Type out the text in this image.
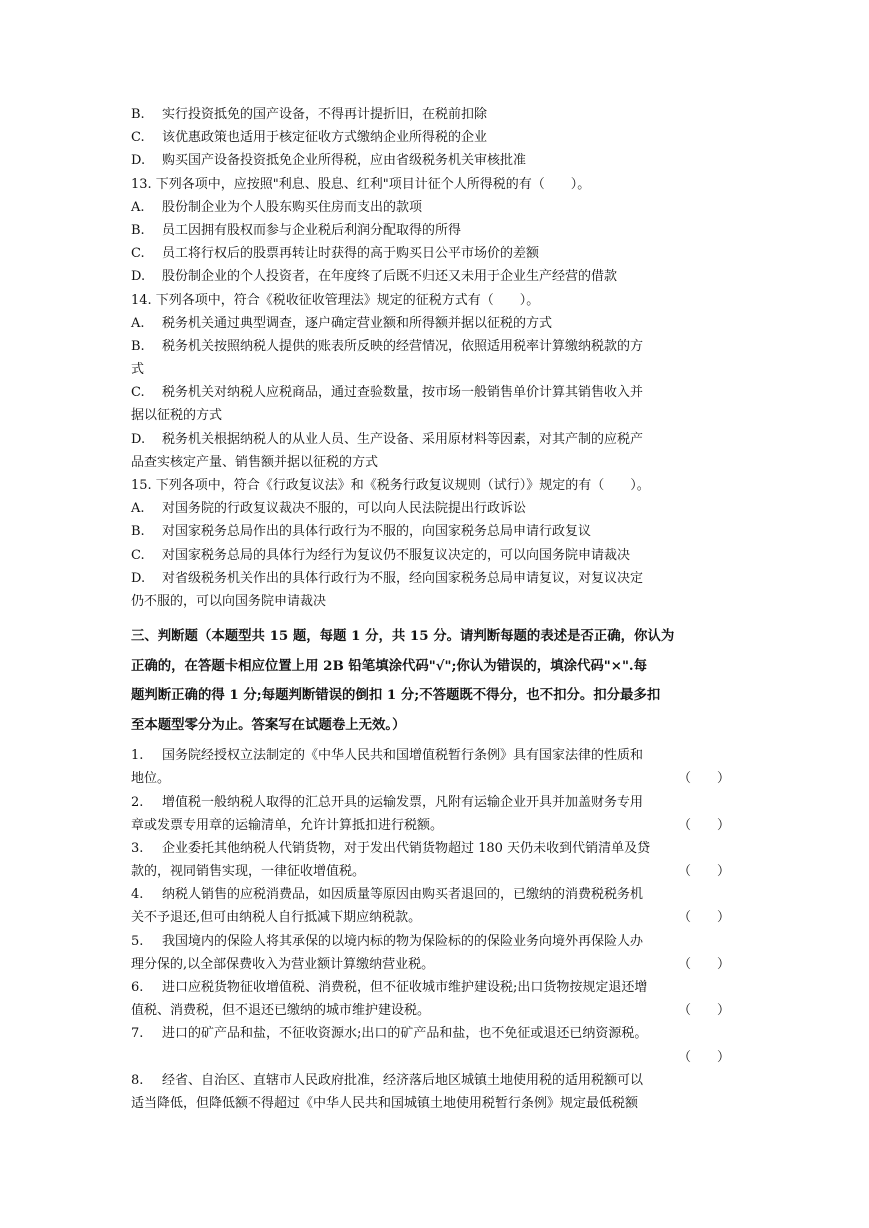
B. 实行投资抵免的国产设备，不得再计提折旧，在税前扣除
C. 该优惠政策也适用于核定征收方式缴纳企业所得税的企业
D. 购买国产设备投资抵免企业所得税，应由省级税务机关审核批准
13. 下列各项中，应按照"利息、股息、红利"项目计征个人所得税的有（　　）。
A. 股份制企业为个人股东购买住房而支出的款项
B. 员工因拥有股权而参与企业税后利润分配取得的所得
C. 员工将行权后的股票再转让时获得的高于购买日公平市场价的差额
D. 股份制企业的个人投资者，在年度终了后既不归还又未用于企业生产经营的借款
14. 下列各项中，符合《税收征收管理法》规定的征税方式有（　　）。
A. 税务机关通过典型调查，逐户确定营业额和所得额并据以征税的方式
B. 税务机关按照纳税人提供的账表所反映的经营情况，依照适用税率计算缴纳税款的方
式
C. 税务机关对纳税人应税商品，通过查验数量，按市场一般销售单价计算其销售收入并
据以征税的方式
D. 税务机关根据纳税人的从业人员、生产设备、采用原材料等因素，对其产制的应税产
品查实核定产量、销售额并据以征税的方式
15. 下列各项中，符合《行政复议法》和《税务行政复议规则（试行）》规定的有（　　）。
A. 对国务院的行政复议裁决不服的，可以向人民法院提出行政诉讼
B. 对国家税务总局作出的具体行政行为不服的，向国家税务总局申请行政复议
C. 对国家税务总局的具体行为经行为复议仍不服复议决定的，可以向国务院申请裁决
D. 对省级税务机关作出的具体行政行为不服，经向国家税务总局申请复议，对复议决定
仍不服的，可以向国务院申请裁决
三、判断题（本题型共 15 题，每题 1 分，共 15 分。请判断每题的表述是否正确，你认为
正确的，在答题卡相应位置上用 2B 铅笔填涂代码"√";你认为错误的，填涂代码"×".每
题判断正确的得 1 分;每题判断错误的倒扣 1 分;不答题既不得分，也不扣分。扣分最多扣
至本题型零分为止。答案写在试题卷上无效。）
1. 国务院经授权立法制定的《中华人民共和国增值税暂行条例》具有国家法律的性质和
地位。	（　　）
2. 增值税一般纳税人取得的汇总开具的运输发票，凡附有运输企业开具并加盖财务专用
章或发票专用章的运输清单，允许计算抵扣进行税额。	（　　）
3. 企业委托其他纳税人代销货物，对于发出代销货物超过 180 天仍未收到代销清单及贷
款的，视同销售实现，一律征收增值税。	（　　）
4. 纳税人销售的应税消费品，如因质量等原因由购买者退回的，已缴纳的消费税税务机
关不予退还,但可由纳税人自行抵减下期应纳税款。	（　　）
5. 我国境内的保险人将其承保的以境内标的物为保险标的的保险业务向境外再保险人办
理分保的,以全部保费收入为营业额计算缴纳营业税。	（　　）
6. 进口应税货物征收增值税、消费税，但不征收城市维护建设税;出口货物按规定退还增
值税、消费税，但不退还已缴纳的城市维护建设税。	（　　）
7. 进口的矿产品和盐，不征收资源水;出口的矿产品和盐，也不免征或退还已纳资源税。
（　　）
8. 经省、自治区、直辖市人民政府批准，经济落后地区城镇土地使用税的适用税额可以
适当降低，但降低额不得超过《中华人民共和国城镇土地使用税暂行条例》规定最低税额
